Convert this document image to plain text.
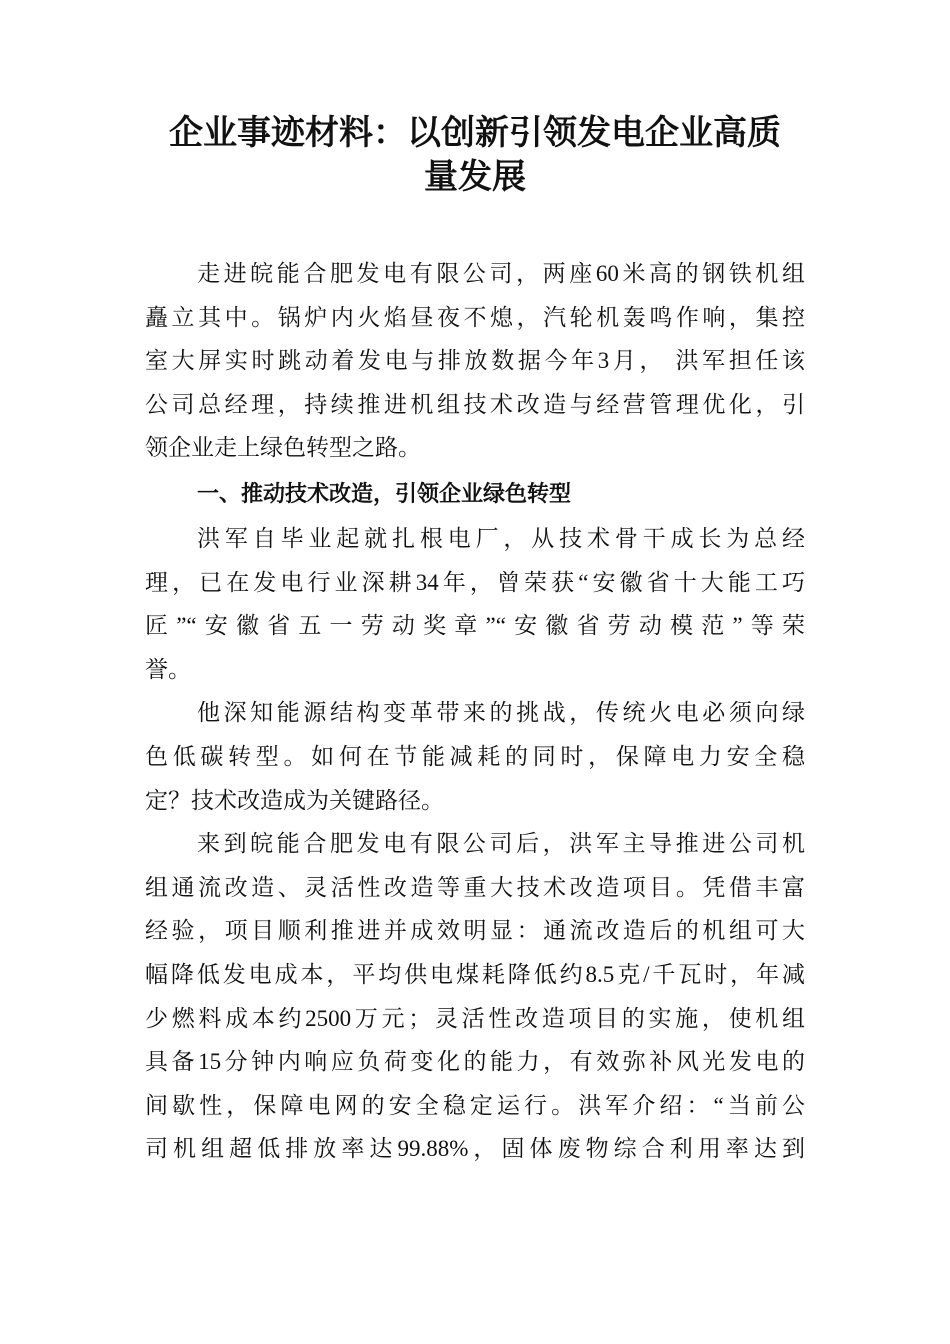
企业事迹材料：以创新引领发电企业高质
量发展
走进皖能合肥发电有限公司，两座60米高的钢铁机组
矗立其中。锅炉内火焰昼夜不熄，汽轮机轰鸣作响，集控
室大屏实时跳动着发电与排放数据今年3月， 洪军担任该
公司总经理，持续推进机组技术改造与经营管理优化，引
领企业走上绿色转型之路。
一、推动技术改造，引领企业绿色转型
洪军自毕业起就扎根电厂，从技术骨干成长为总经
理，已在发电行业深耕34年，曾荣获“安徽省十大能工巧
匠”“安徽省五一劳动奖章”“安徽省劳动模范”等荣
誉。
他深知能源结构变革带来的挑战，传统火电必须向绿
色低碳转型。如何在节能减耗的同时，保障电力安全稳
定？技术改造成为关键路径。
来到皖能合肥发电有限公司后，洪军主导推进公司机
组通流改造、灵活性改造等重大技术改造项目。凭借丰富
经验，项目顺利推进并成效明显：通流改造后的机组可大
幅降低发电成本，平均供电煤耗降低约8.5克/千瓦时，年减
少燃料成本约2500万元；灵活性改造项目的实施，使机组
具备15分钟内响应负荷变化的能力，有效弥补风光发电的
间歇性，保障电网的安全稳定运行。洪军介绍：“当前公
司机组超低排放率达99.88%，固体废物综合利用率达到
